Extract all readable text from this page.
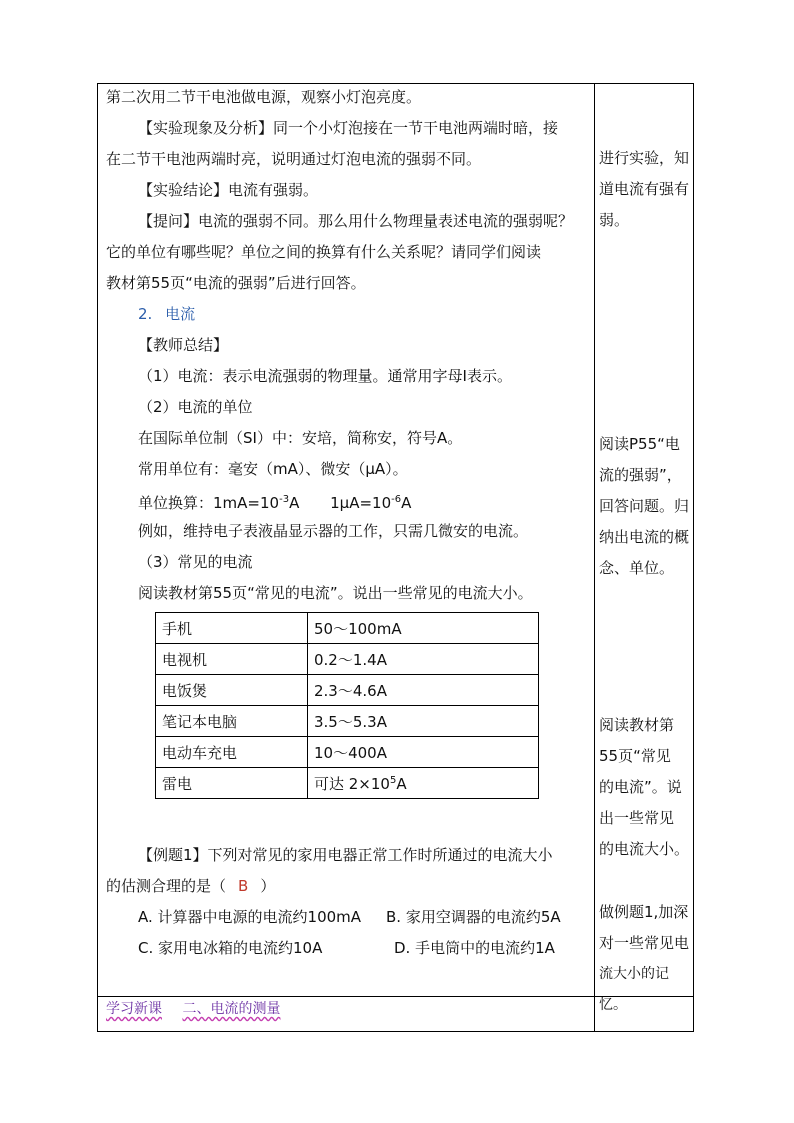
第二次用二节干电池做电源，观察小灯泡亮度。
【实验现象及分析】同一个小灯泡接在一节干电池两端时暗，接
在二节干电池两端时亮，说明通过灯泡电流的强弱不同。
【实验结论】电流有强弱。
【提问】电流的强弱不同。那么用什么物理量表述电流的强弱呢？
它的单位有哪些呢？单位之间的换算有什么关系呢？请同学们阅读
教材第55页“电流的强弱”后进行回答。
2. 电流
【教师总结】
（1）电流：表示电流强弱的物理量。通常用字母I表示。
（2）电流的单位
在国际单位制（SI）中：安培，简称安，符号A。
常用单位有：毫安（mA）、微安（μA）。
单位换算：$1mA=10^{-3}A$ $1\mu A=10^{-6}A$
例如，维持电子表液晶显示器的工作，只需几微安的电流。
（3）常见的电流
阅读教材第55页“常见的电流”。说出一些常见的电流大小。
手机	50～100mA
电视机	0.2～1.4A
电饭煲	2.3～4.6A
笔记本电脑	3.5～5.3A
电动车充电	10～400A
雷电	可达 $2\times 10^5A$
【例题1】下列对常见的家用电器正常工作时所通过的电流大小
的估测合理的是（ B ）
A. 计算器中电源的电流约100mA B. 家用空调器的电流约5A
C. 家用电冰箱的电流约10A	D. 手电筒中的电流约1A
学习新课 二、电流的测量
进行实验，知
道电流有强有
弱。
阅读P55“电
流的强弱”，
回答问题。归
纳出电流的概
念、单位。
阅读教材第
55页“常见
的电流”。说
出一些常见
的电流大小。
做例题1,加深
对一些常见电
流大小的记忆。
